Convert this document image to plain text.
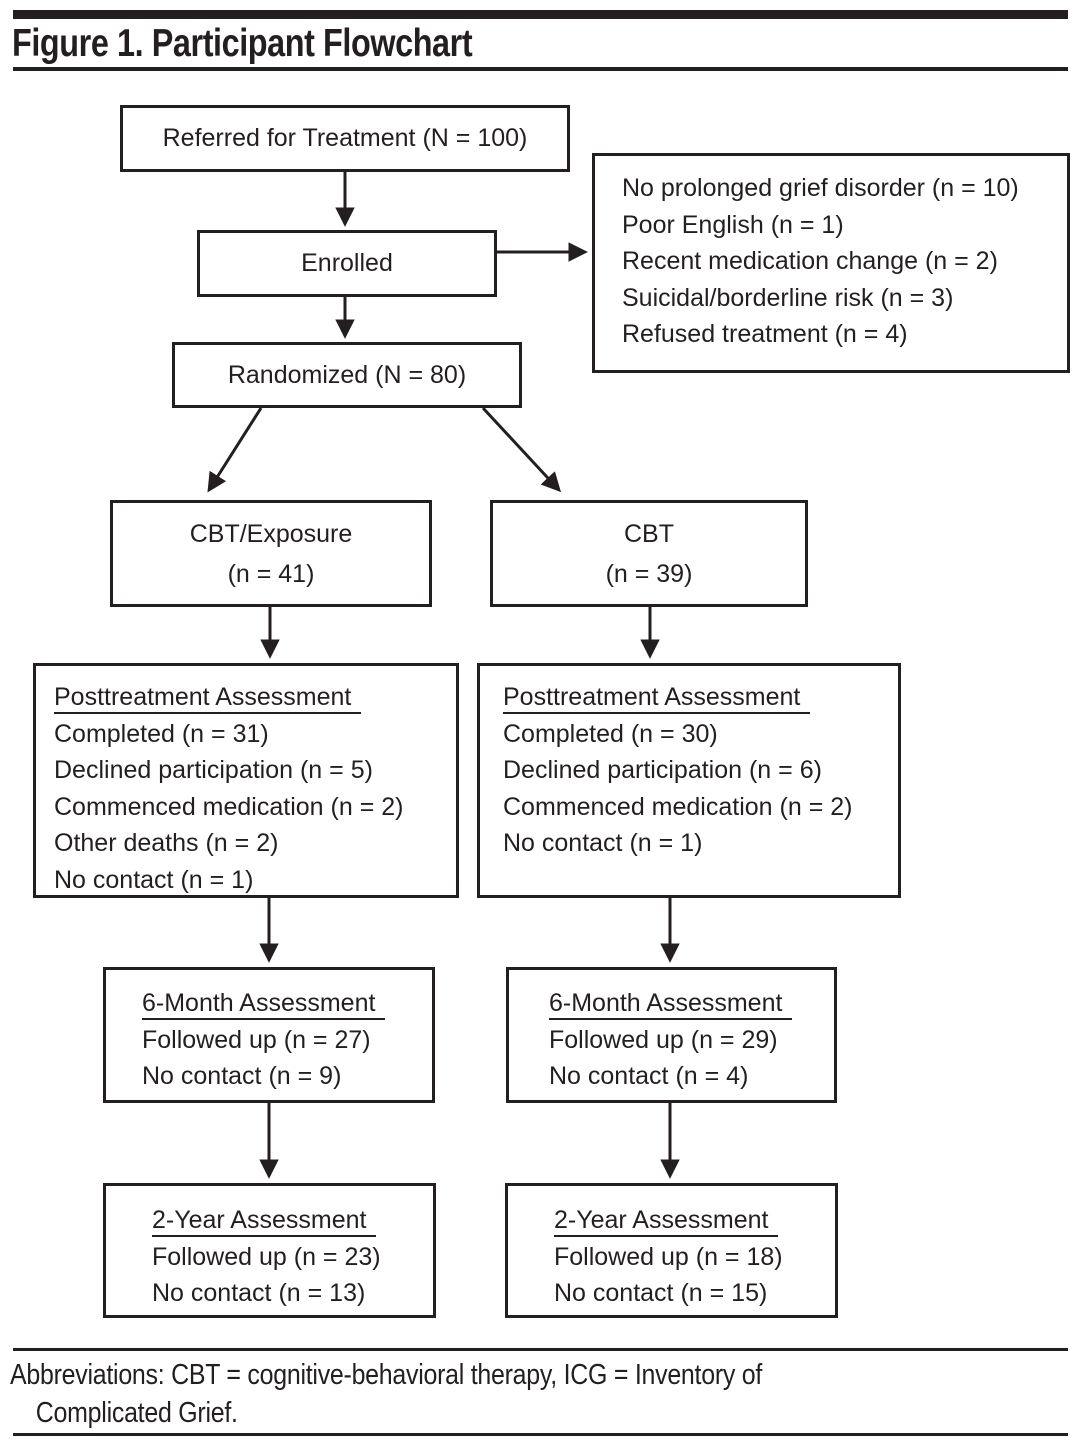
Figure 1. Participant Flowchart
Referred for Treatment (N = 100)
Enrolled
No prolonged grief disorder (n = 10)
Poor English (n = 1)
Recent medication change (n = 2)
Suicidal/borderline risk (n = 3)
Refused treatment (n = 4)
Randomized (N = 80)
CBT/Exposure
(n = 41)
CBT
(n = 39)
Posttreatment Assessment
Completed (n = 31)
Declined participation (n = 5)
Commenced medication (n = 2)
Other deaths (n = 2)
No contact (n = 1)
Posttreatment Assessment
Completed (n = 30)
Declined participation (n = 6)
Commenced medication (n = 2)
No contact (n = 1)
6-Month Assessment
Followed up (n = 27)
No contact (n = 9)
6-Month Assessment
Followed up (n = 29)
No contact (n = 4)
2-Year Assessment
Followed up (n = 23)
No contact (n = 13)
2-Year Assessment
Followed up (n = 18)
No contact (n = 15)
Abbreviations: CBT = cognitive-behavioral therapy, ICG = Inventory of
Complicated Grief.
